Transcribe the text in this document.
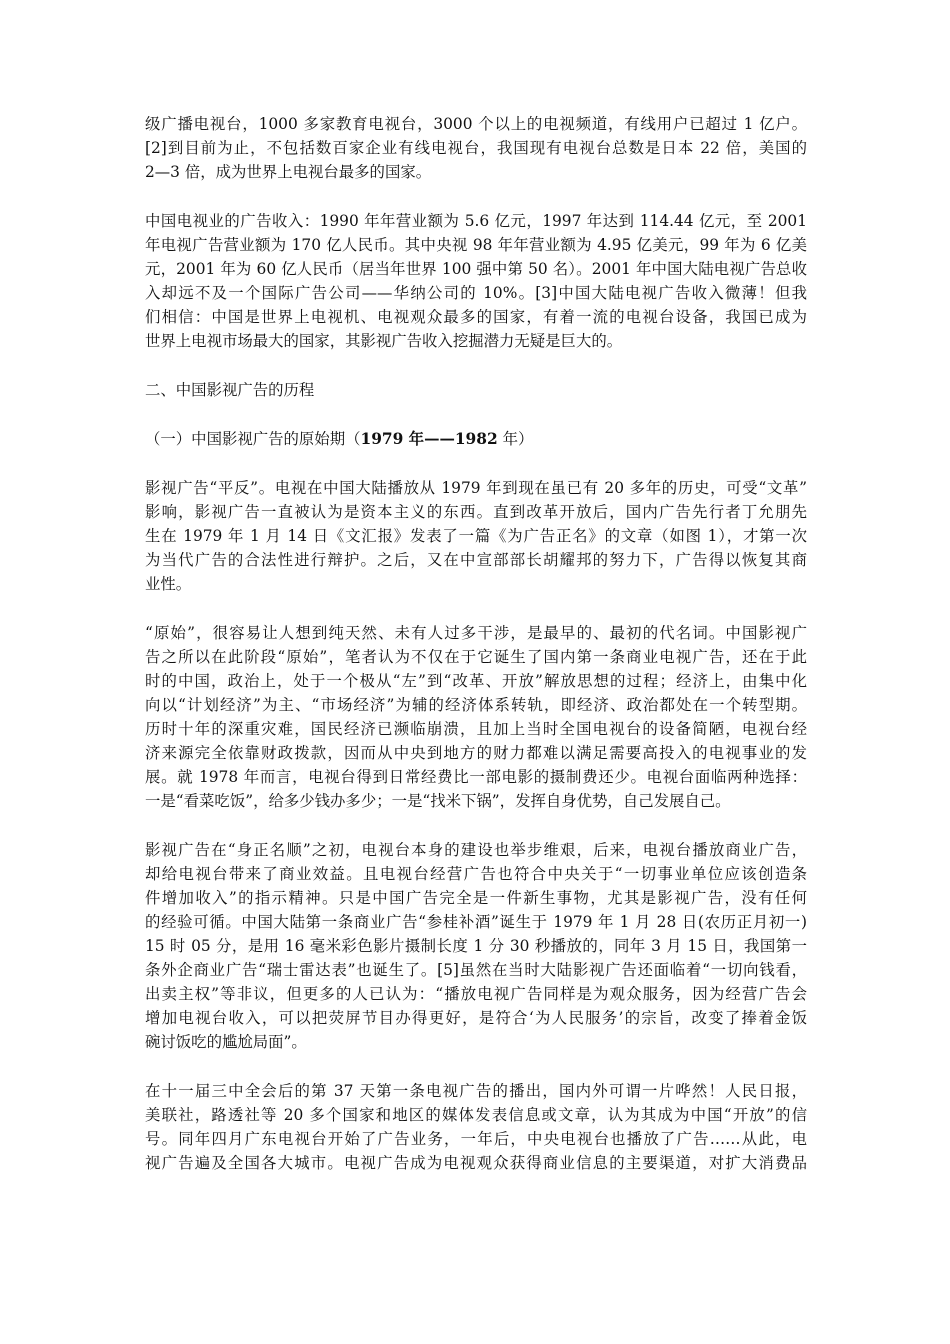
级广播电视台，1000 多家教育电视台，3000 个以上的电视频道，有线用户已超过 1 亿户。
[2]到目前为止，不包括数百家企业有线电视台，我国现有电视台总数是日本 22 倍，美国的
2—3 倍，成为世界上电视台最多的国家。

中国电视业的广告收入：1990 年年营业额为 5.6 亿元，1997 年达到 114.44 亿元，至 2001
年电视广告营业额为 170 亿人民币。其中央视 98 年年营业额为 4.95 亿美元，99 年为 6 亿美
元，2001 年为 60 亿人民币（居当年世界 100 强中第 50 名）。2001 年中国大陆电视广告总收
入却远不及一个国际广告公司——华纳公司的 10%。[3]中国大陆电视广告收入微薄！但我
们相信：中国是世界上电视机、电视观众最多的国家，有着一流的电视台设备，我国已成为
世界上电视市场最大的国家，其影视广告收入挖掘潜力无疑是巨大的。

二、中国影视广告的历程

（一）中国影视广告的原始期（1979 年——1982 年）

影视广告“平反”。电视在中国大陆播放从 1979 年到现在虽已有 20 多年的历史，可受“文革”
影响，影视广告一直被认为是资本主义的东西。直到改革开放后，国内广告先行者丁允朋先
生在 1979 年 1 月 14 日《文汇报》发表了一篇《为广告正名》的文章（如图 1），才第一次
为当代广告的合法性进行辩护。之后，又在中宣部部长胡耀邦的努力下，广告得以恢复其商
业性。

“原始”，很容易让人想到纯天然、未有人过多干涉，是最早的、最初的代名词。中国影视广
告之所以在此阶段“原始”，笔者认为不仅在于它诞生了国内第一条商业电视广告，还在于此
时的中国，政治上，处于一个极从“左”到“改革、开放”解放思想的过程；经济上，由集中化
向以“计划经济”为主、“市场经济”为辅的经济体系转轨，即经济、政治都处在一个转型期。
历时十年的深重灾难，国民经济已濒临崩溃，且加上当时全国电视台的设备简陋，电视台经
济来源完全依靠财政拨款，因而从中央到地方的财力都难以满足需要高投入的电视事业的发
展。就 1978 年而言，电视台得到日常经费比一部电影的摄制费还少。电视台面临两种选择：
一是“看菜吃饭”，给多少钱办多少；一是“找米下锅”，发挥自身优势，自己发展自己。

影视广告在“身正名顺”之初，电视台本身的建设也举步维艰，后来，电视台播放商业广告，
却给电视台带来了商业效益。且电视台经营广告也符合中央关于“一切事业单位应该创造条
件增加收入”的指示精神。只是中国广告完全是一件新生事物，尤其是影视广告，没有任何
的经验可循。中国大陆第一条商业广告“参桂补酒”诞生于 1979 年 1 月 28 日(农历正月初一)
15 时 05 分，是用 16 毫米彩色影片摄制长度 1 分 30 秒播放的，同年 3 月 15 日，我国第一
条外企商业广告“瑞士雷达表”也诞生了。[5]虽然在当时大陆影视广告还面临着“一切向钱看，
出卖主权”等非议，但更多的人已认为：“播放电视广告同样是为观众服务，因为经营广告会
增加电视台收入，可以把荧屏节目办得更好，是符合‘为人民服务’的宗旨，改变了捧着金饭
碗讨饭吃的尴尬局面”。

在十一届三中全会后的第 37 天第一条电视广告的播出，国内外可谓一片哗然！人民日报，
美联社，路透社等 20 多个国家和地区的媒体发表信息或文章，认为其成为中国“开放”的信
号。同年四月广东电视台开始了广告业务，一年后，中央电视台也播放了广告……从此，电
视广告遍及全国各大城市。电视广告成为电视观众获得商业信息的主要渠道，对扩大消费品
